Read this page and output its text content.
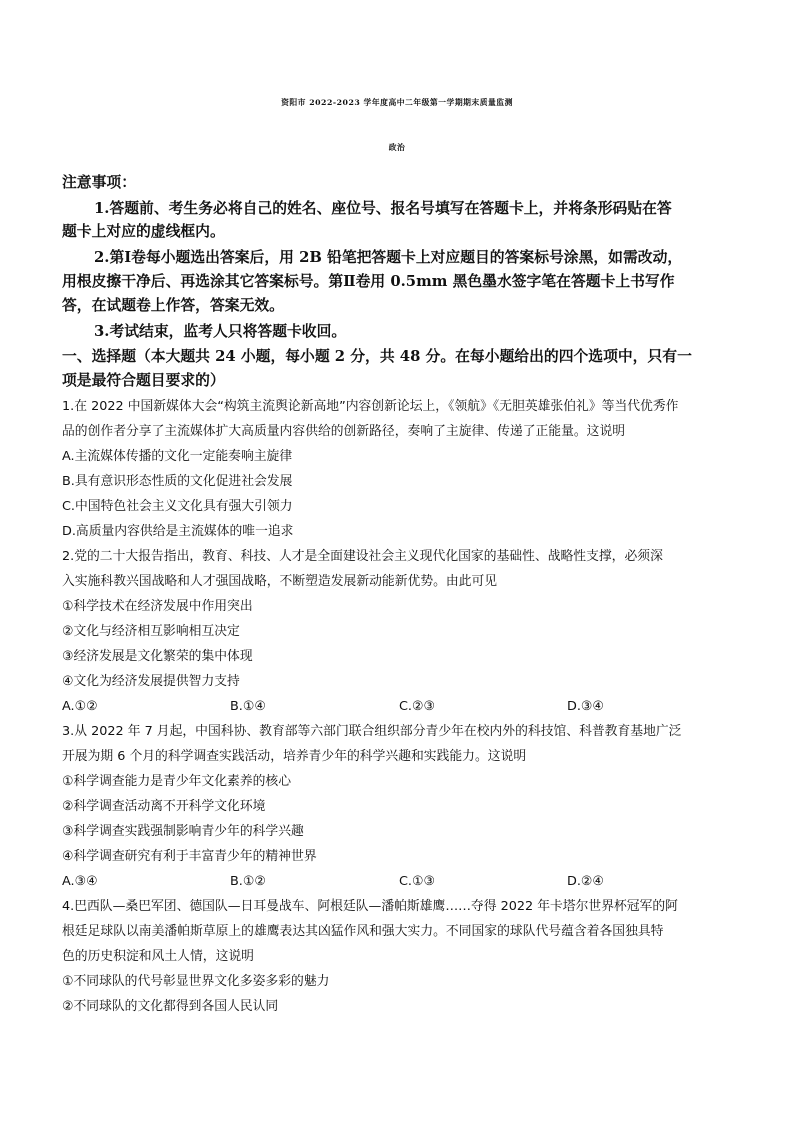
资阳市 2022-2023 学年度高中二年级第一学期期末质量监测
政治
注意事项：
1.答题前、考生务必将自己的姓名、座位号、报名号填写在答题卡上，并将条形码贴在答
题卡上对应的虚线框内。
2.第Ⅰ卷每小题选出答案后，用 2B 铅笔把答题卡上对应题目的答案标号涂黑，如需改动，
用根皮擦干净后、再选涂其它答案标号。第Ⅱ卷用 0.5mm 黑色墨水签字笔在答题卡上书写作
答，在试题卷上作答，答案无效。
3.考试结束，监考人只将答题卡收回。
一、选择题（本大题共 24 小题，每小题 2 分，共 48 分。在每小题给出的四个选项中，只有一
项是最符合题目要求的）
1.在 2022 中国新媒体大会“构筑主流舆论新高地”内容创新论坛上，《领航》《无胆英雄张伯礼》等当代优秀作
品的创作者分享了主流媒体扩大高质量内容供给的创新路径，奏响了主旋律、传递了正能量。这说明
A.主流媒体传播的文化一定能奏响主旋律
B.具有意识形态性质的文化促进社会发展
C.中国特色社会主义文化具有强大引领力
D.高质量内容供给是主流媒体的唯一追求
2.党的二十大报告指出，教育、科技、人才是全面建设社会主义现代化国家的基础性、战略性支撑，必须深
入实施科教兴国战略和人才强国战略，不断塑造发展新动能新优势。由此可见
①科学技术在经济发展中作用突出
②文化与经济相互影响相互决定
③经济发展是文化繁荣的集中体现
④文化为经济发展提供智力支持
A.①②	B.①④	C.②③	D.③④
3.从 2022 年 7 月起，中国科协、教育部等六部门联合组织部分青少年在校内外的科技馆、科普教育基地广泛
开展为期 6 个月的科学调查实践活动，培养青少年的科学兴趣和实践能力。这说明
①科学调查能力是青少年文化素养的核心
②科学调查活动离不开科学文化环境
③科学调查实践强制影响青少年的科学兴趣
④科学调查研究有利于丰富青少年的精神世界
A.③④	B.①②	C.①③	D.②④
4.巴西队—桑巴军团、德国队—日耳曼战车、阿根廷队—潘帕斯雄鹰……夺得 2022 年卡塔尔世界杯冠军的阿
根廷足球队以南美潘帕斯草原上的雄鹰表达其凶猛作风和强大实力。不同国家的球队代号蕴含着各国独具特
色的历史积淀和风土人情，这说明
①不同球队的代号彰显世界文化多姿多彩的魅力
②不同球队的文化都得到各国人民认同
